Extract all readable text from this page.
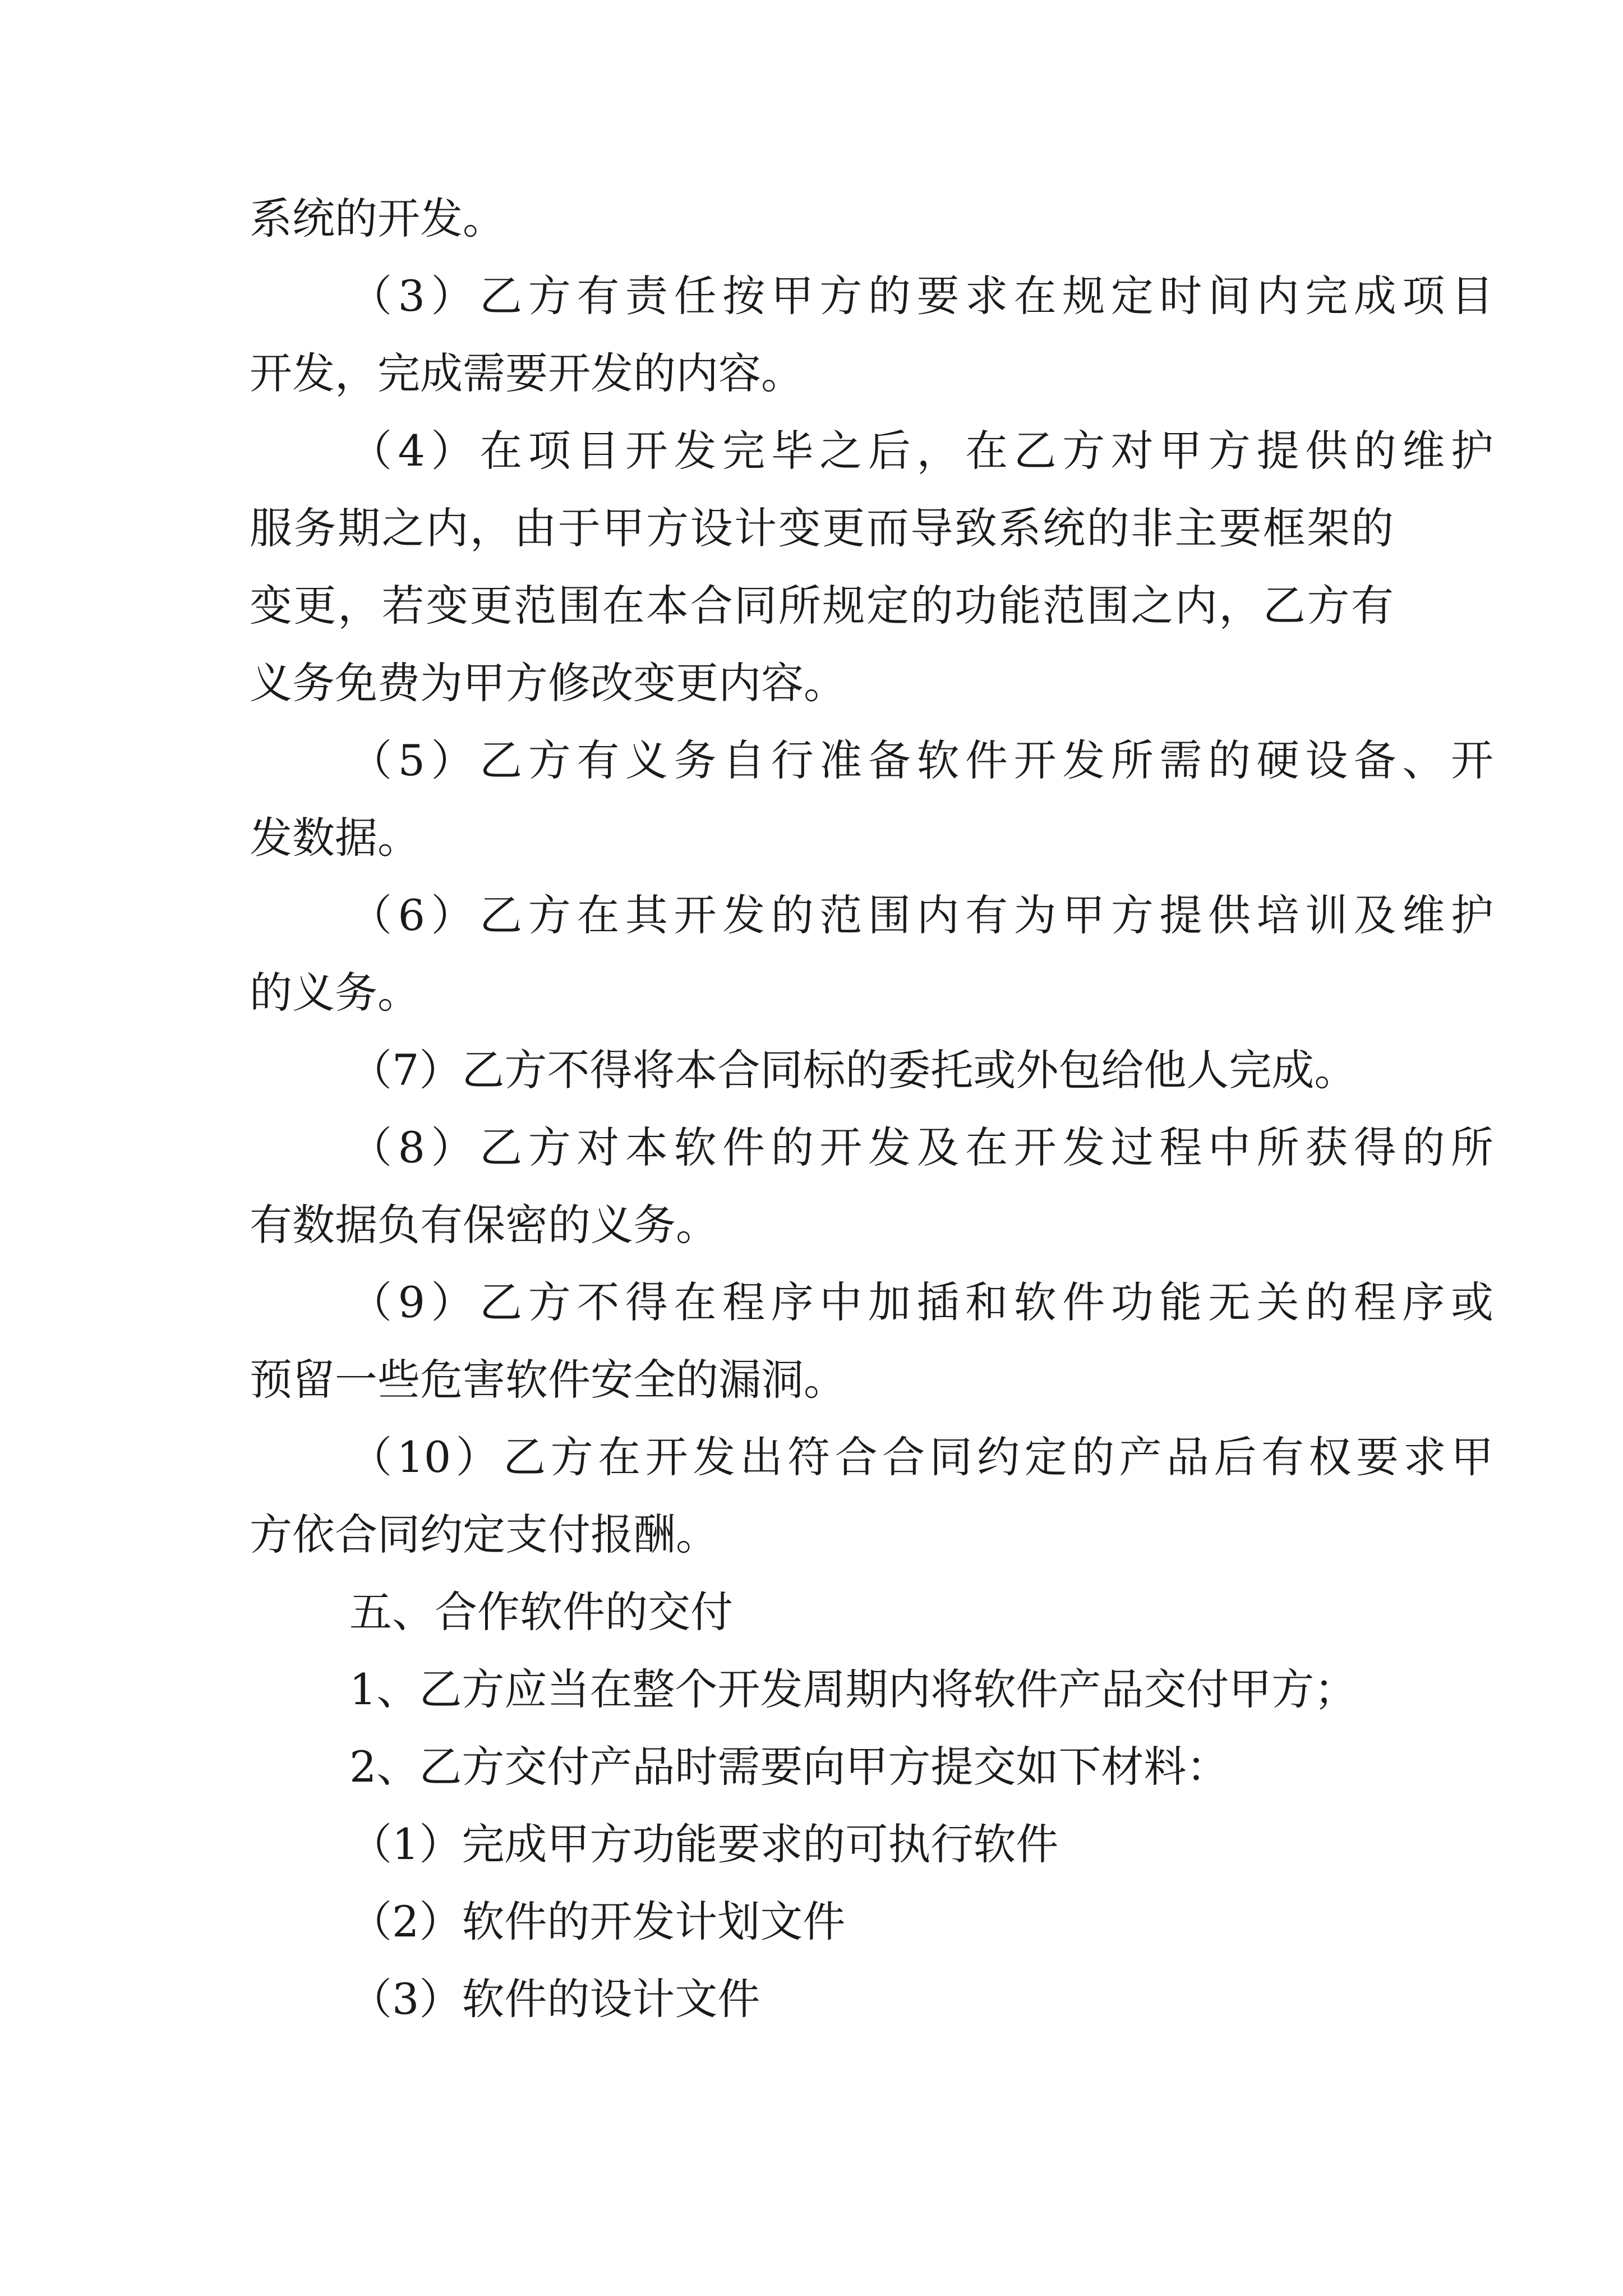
系统的开发。
（3）乙方有责任按甲方的要求在规定时间内完成项目
开发，完成需要开发的内容。
（4）在项目开发完毕之后，在乙方对甲方提供的维护
服务期之内，由于甲方设计变更而导致系统的非主要框架的
变更，若变更范围在本合同所规定的功能范围之内，乙方有
义务免费为甲方修改变更内容。
（5）乙方有义务自行准备软件开发所需的硬设备、开
发数据。
（6）乙方在其开发的范围内有为甲方提供培训及维护
的义务。
（7）乙方不得将本合同标的委托或外包给他人完成。
（8）乙方对本软件的开发及在开发过程中所获得的所
有数据负有保密的义务。
（9）乙方不得在程序中加插和软件功能无关的程序或
预留一些危害软件安全的漏洞。
（10）乙方在开发出符合合同约定的产品后有权要求甲
方依合同约定支付报酬。
五、合作软件的交付
1、乙方应当在整个开发周期内将软件产品交付甲方；
2、乙方交付产品时需要向甲方提交如下材料：
（1）完成甲方功能要求的可执行软件
（2）软件的开发计划文件
（3）软件的设计文件
